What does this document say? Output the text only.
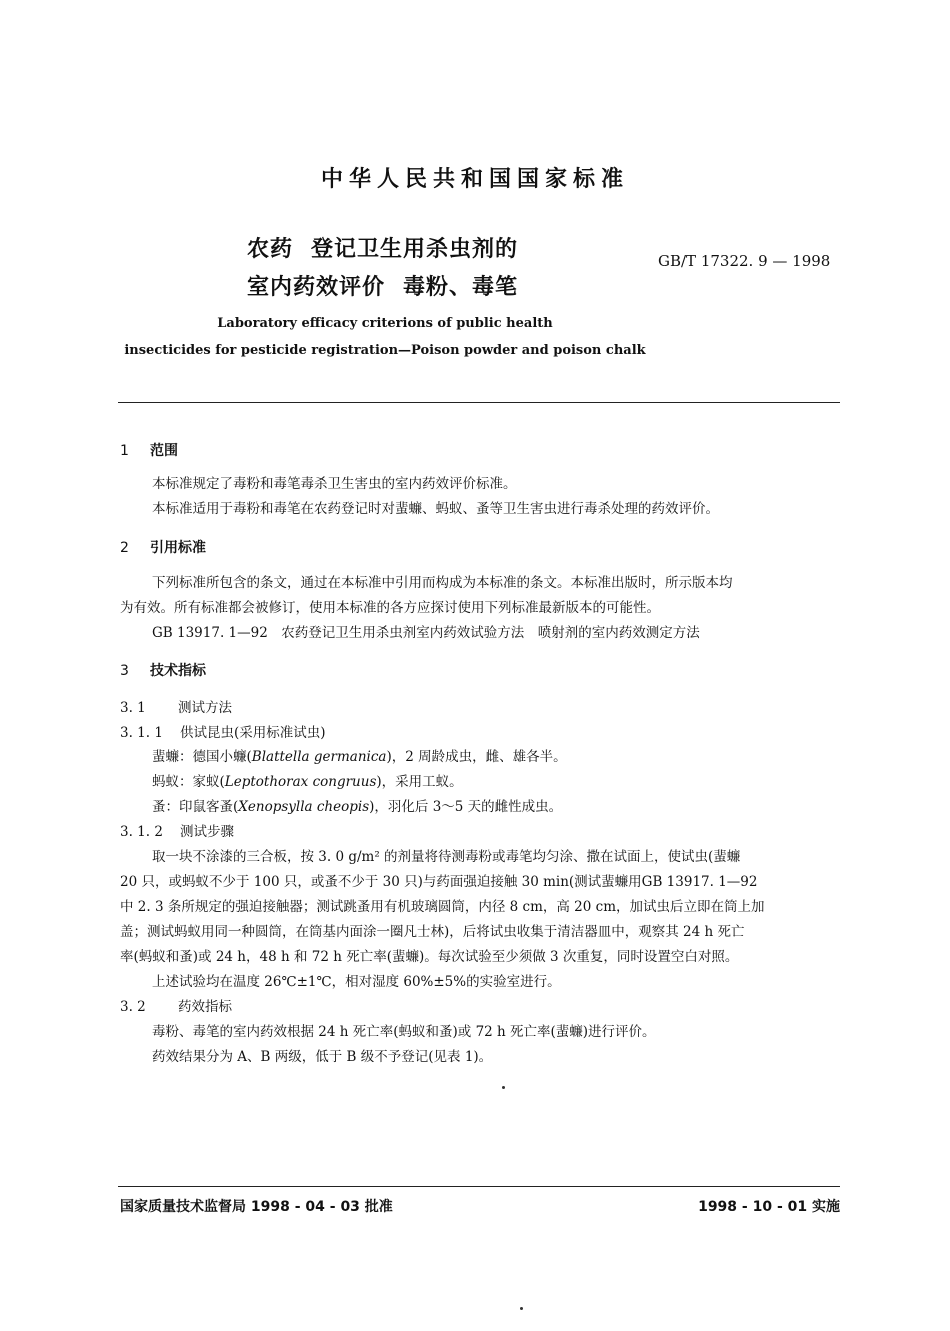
中华人民共和国国家标准
农药 登记卫生用杀虫剂的
室内药效评价 毒粉、毒笔
GB/T 17322. 9 — 1998
Laboratory efficacy criterions of public health
insecticides for pesticide registration—Poison powder and poison chalk
1 范围
本标准规定了毒粉和毒笔毒杀卫生害虫的室内药效评价标准。
本标准适用于毒粉和毒笔在农药登记时对蜚蠊、蚂蚁、蚤等卫生害虫进行毒杀处理的药效评价。
2 引用标准
下列标准所包含的条文，通过在本标准中引用而构成为本标准的条文。本标准出版时，所示版本均
为有效。所有标准都会被修订，使用本标准的各方应探讨使用下列标准最新版本的可能性。
GB 13917. 1—92　农药登记卫生用杀虫剂室内药效试验方法　喷射剂的室内药效测定方法
3 技术指标
3. 1 测试方法
3. 1. 1 供试昆虫(采用标准试虫)
蜚蠊：德国小蠊(Blattella germanica)，2 周龄成虫，雌、雄各半。
蚂蚁：家蚁(Leptothorax congruus)，采用工蚁。
蚤：印鼠客蚤(Xenopsylla cheopis)，羽化后 3～5 天的雌性成虫。
3. 1. 2 测试步骤
取一块不涂漆的三合板，按 3. 0 g/m² 的剂量将待测毒粉或毒笔均匀涂、撒在试面上，使试虫(蜚蠊
20 只，或蚂蚁不少于 100 只，或蚤不少于 30 只)与药面强迫接触 30 min(测试蜚蠊用GB 13917. 1—92
中 2. 3 条所规定的强迫接触器；测试跳蚤用有机玻璃圆筒，内径 8 cm，高 20 cm，加试虫后立即在筒上加
盖；测试蚂蚁用同一种圆筒，在筒基内面涂一圈凡士林)，后将试虫收集于清洁器皿中，观察其 24 h 死亡
率(蚂蚁和蚤)或 24 h，48 h 和 72 h 死亡率(蜚蠊)。每次试验至少须做 3 次重复，同时设置空白对照。
上述试验均在温度 26℃±1℃，相对湿度 60%±5%的实验室进行。
3. 2 药效指标
毒粉、毒笔的室内药效根据 24 h 死亡率(蚂蚁和蚤)或 72 h 死亡率(蜚蠊)进行评价。
药效结果分为 A、B 两级，低于 B 级不予登记(见表 1)。
国家质量技术监督局 1998 - 04 - 03 批准	1998 - 10 - 01 实施
